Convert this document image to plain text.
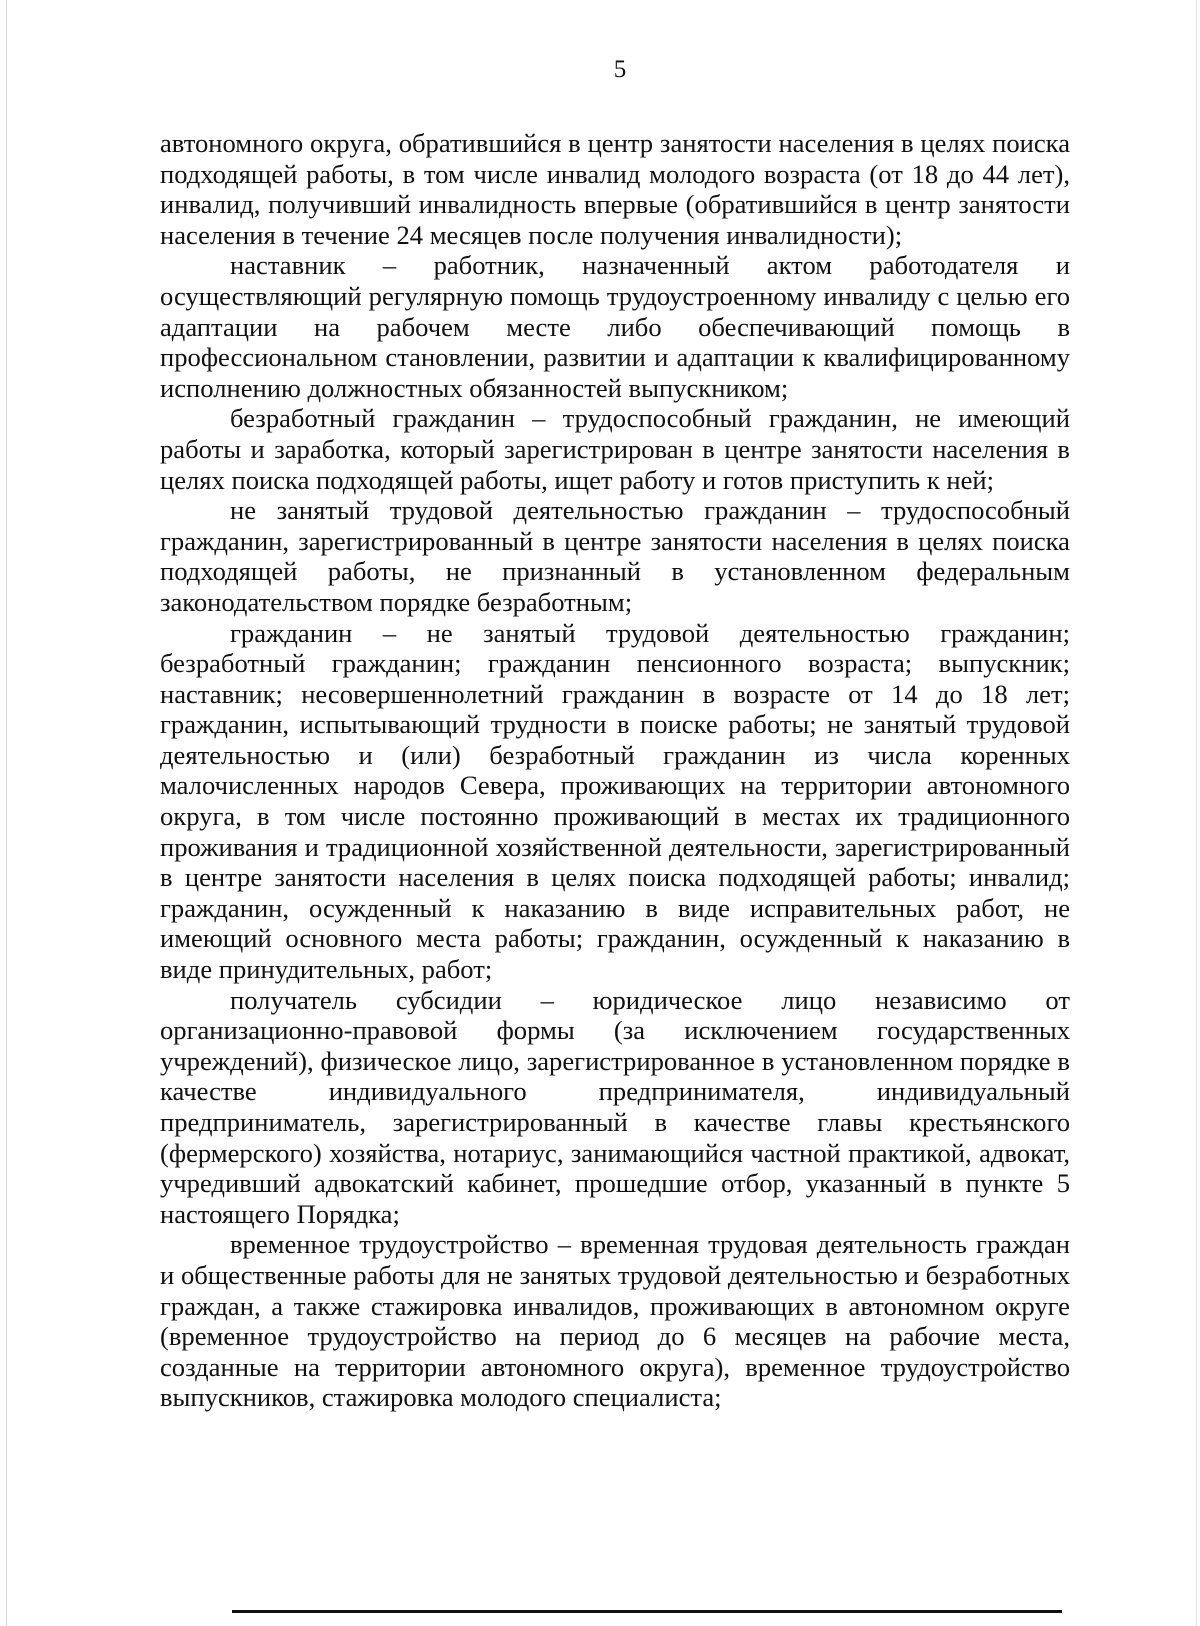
5

автономного округа, обратившийся в центр занятости населения в целях поиска подходящей работы, в том числе инвалид молодого возраста (от 18 до 44 лет), инвалид, получивший инвалидность впервые (обратившийся в центр занятости населения в течение 24 месяцев после получения инвалидности);

наставник – работник, назначенный актом работодателя и осуществляющий регулярную помощь трудоустроенному инвалиду с целью его адаптации на рабочем месте либо обеспечивающий помощь в профессиональном становлении, развитии и адаптации к квалифицированному исполнению должностных обязанностей выпускником;

безработный гражданин – трудоспособный гражданин, не имеющий работы и заработка, который зарегистрирован в центре занятости населения в целях поиска подходящей работы, ищет работу и готов приступить к ней;

не занятый трудовой деятельностью гражданин – трудоспособный гражданин, зарегистрированный в центре занятости населения в целях поиска подходящей работы, не признанный в установленном федеральным законодательством порядке безработным;

гражданин – не занятый трудовой деятельностью гражданин; безработный гражданин; гражданин пенсионного возраста; выпускник; наставник; несовершеннолетний гражданин в возрасте от 14 до 18 лет; гражданин, испытывающий трудности в поиске работы; не занятый трудовой деятельностью и (или) безработный гражданин из числа коренных малочисленных народов Севера, проживающих на территории автономного округа, в том числе постоянно проживающий в местах их традиционного проживания и традиционной хозяйственной деятельности, зарегистрированный в центре занятости населения в целях поиска подходящей работы; инвалид; гражданин, осужденный к наказанию в виде исправительных работ, не имеющий основного места работы; гражданин, осужденный к наказанию в виде принудительных, работ;

получатель субсидии – юридическое лицо независимо от организационно-правовой формы (за исключением государственных учреждений), физическое лицо, зарегистрированное в установленном порядке в качестве индивидуального предпринимателя, индивидуальный предприниматель, зарегистрированный в качестве главы крестьянского (фермерского) хозяйства, нотариус, занимающийся частной практикой, адвокат, учредивший адвокатский кабинет, прошедшие отбор, указанный в пункте 5 настоящего Порядка;

временное трудоустройство – временная трудовая деятельность граждан и общественные работы для не занятых трудовой деятельностью и безработных граждан, а также стажировка инвалидов, проживающих в автономном округе (временное трудоустройство на период до 6 месяцев на рабочие места, созданные на территории автономного округа), временное трудоустройство выпускников, стажировка молодого специалиста;
